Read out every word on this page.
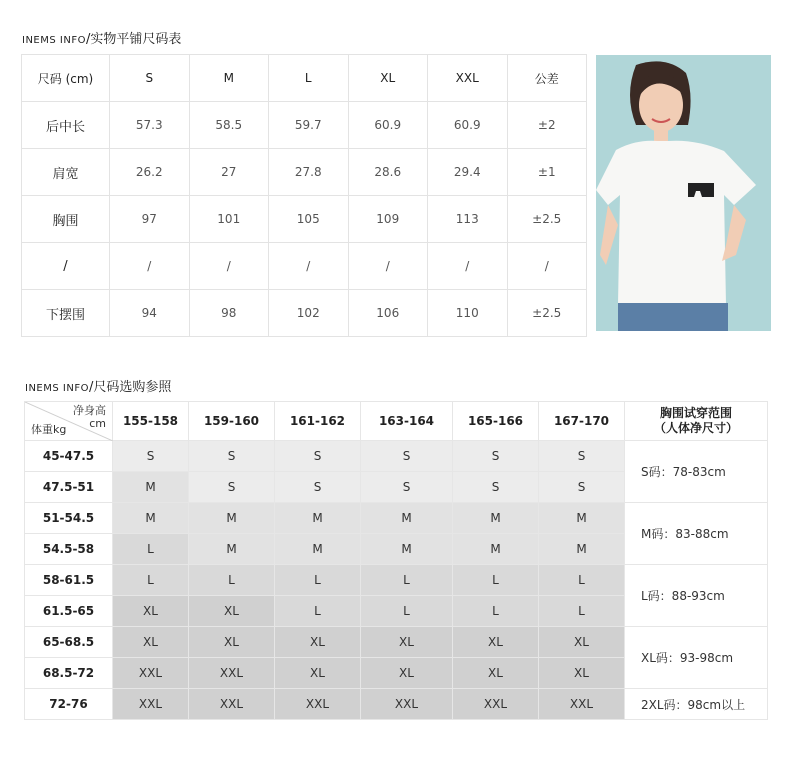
INEMS INFO/实物平铺尺码表
尺码 (cm)	S	M	L	XL	XXL	公差
后中长	57.3	58.5	59.7	60.9	60.9	±2
肩宽	26.2	27	27.8	28.6	29.4	±1
胸围	97	101	105	109	113	±2.5
/	/	/	/	/	/	/
下摆围	94	98	102	106	110	±2.5
INEMS INFO/尺码选购参照
净身高
cm
体重kg	155-158	159-160	161-162	163-164	165-166	167-170	胸围试穿范围
（人体净尺寸）
45-47.5	S	S	S	S	S	S	S码：78-83cm
47.5-51	M	S	S	S	S	S	
51-54.5	M	M	M	M	M	M	M码：83-88cm
54.5-58	L	M	M	M	M	M	
58-61.5	L	L	L	L	L	L	L码：88-93cm
61.5-65	XL	XL	L	L	L	L	
65-68.5	XL	XL	XL	XL	XL	XL	XL码：93-98cm
68.5-72	XXL	XXL	XL	XL	XL	XL	
72-76	XXL	XXL	XXL	XXL	XXL	XXL	2XL码：98cm以上
